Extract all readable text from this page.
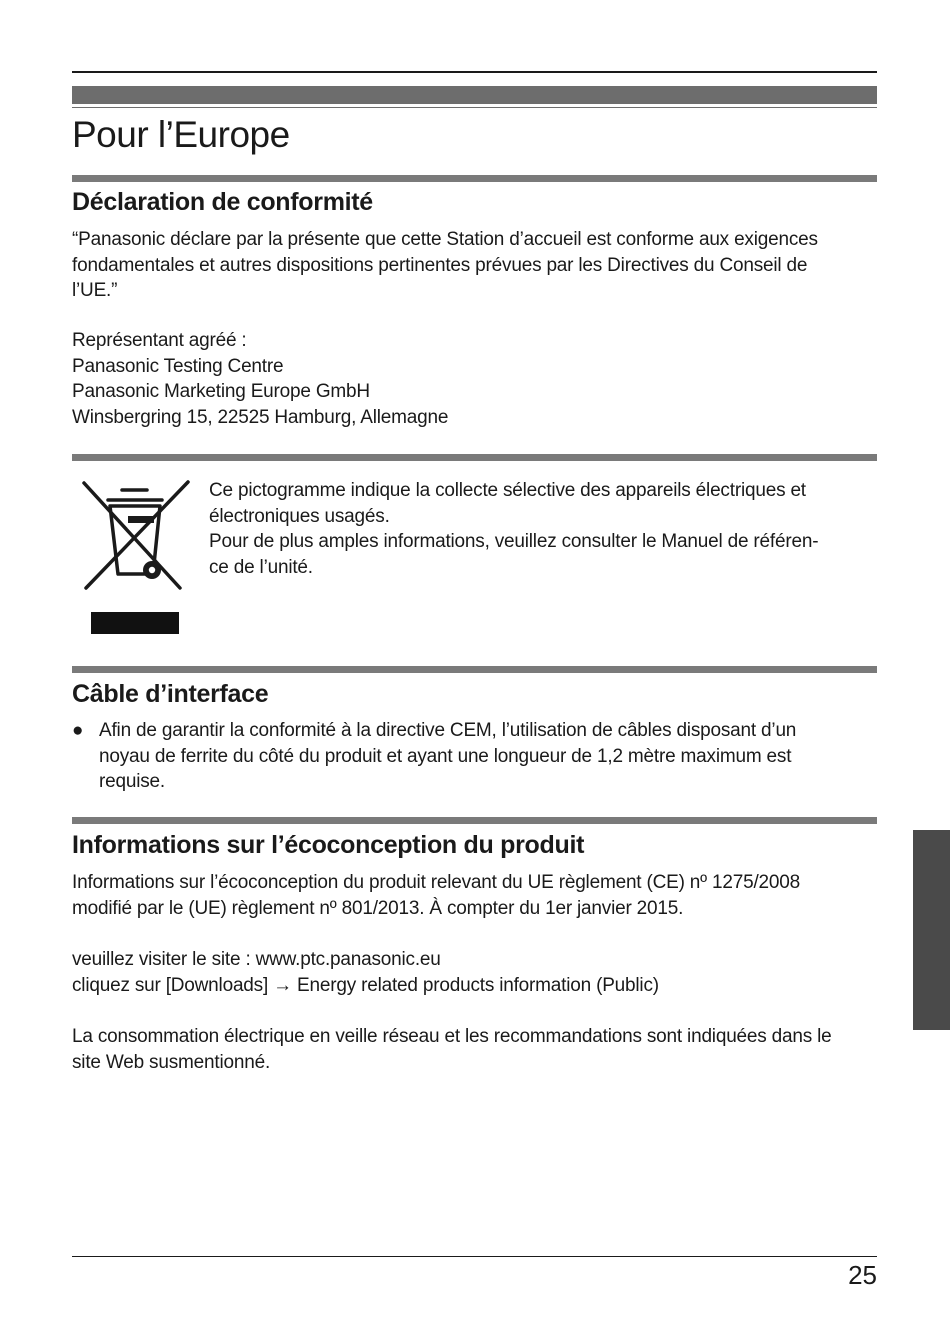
Pour l’Europe
Déclaration de conformité
“Panasonic déclare par la présente que cette Station d’accueil est conforme aux exigences
fondamentales et autres dispositions pertinentes prévues par les Directives du Conseil de
l’UE.”
Représentant agréé :
Panasonic Testing Centre
Panasonic Marketing Europe GmbH
Winsbergring 15, 22525 Hamburg, Allemagne
Ce pictogramme indique la collecte sélective des appareils électriques et
électroniques usagés.
Pour de plus amples informations, veuillez consulter le Manuel de référen-
ce de l’unité.
Câble d’interface
● Afin de garantir la conformité à la directive CEM, l’utilisation de câbles disposant d’un
noyau de ferrite du côté du produit et ayant une longueur de 1,2 mètre maximum est
requise.
Informations sur l’écoconception du produit
Informations sur l’écoconception du produit relevant du UE règlement (CE) nº 1275/2008
modifié par le (UE) règlement nº 801/2013. À compter du 1er janvier 2015.
veuillez visiter le site : www.ptc.panasonic.eu
cliquez sur [Downloads] → Energy related products information (Public)
La consommation électrique en veille réseau et les recommandations sont indiquées dans le
site Web susmentionné.
25
